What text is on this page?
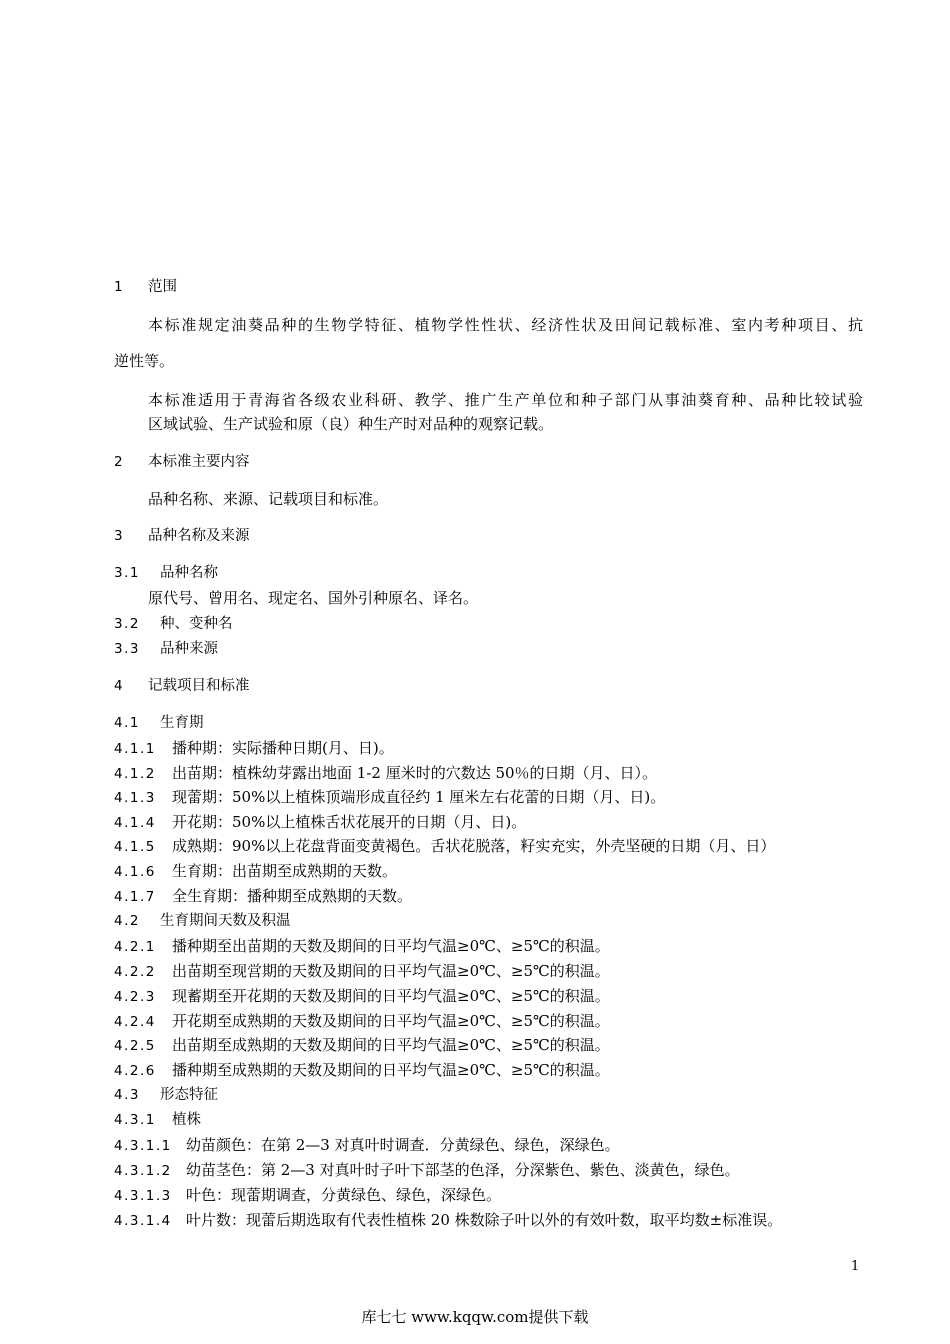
1 范围
本标准规定油葵品种的生物学特征、植物学性性状、经济性状及田间记载标准、室内考种项目、抗
逆性等。
本标准适用于青海省各级农业科研、教学、推广生产单位和种子部门从事油葵育种、品种比较试验
区域试验、生产试验和原（良）种生产时对品种的观察记载。
2 本标准主要内容
品种名称、来源、记载项目和标准。
3 品种名称及来源
3.1 品种名称
原代号、曾用名、现定名、国外引种原名、译名。
3.2 种、变种名
3.3 品种来源
4 记载项目和标准
4.1 生育期
4.1.1 播种期：实际播种日期(月、日)。
4.1.2 出苗期：植株幼芽露出地面 1-2 厘米时的穴数达 50％的日期（月、日）。
4.1.3 现蕾期：50%以上植株顶端形成直径约 1 厘米左右花蕾的日期（月、日)。
4.1.4 开花期：50%以上植株舌状花展开的日期（月、日)。
4.1.5 成熟期：90%以上花盘背面变黄褐色。舌状花脱落，籽实充实，外壳坚硬的日期（月、日）
4.1.6 生育期：出苗期至成熟期的天数。
4.1.7 全生育期：播种期至成熟期的天数。
4.2 生育期间天数及积温
4.2.1 播种期至出苗期的天数及期间的日平均气温≥0℃、≥5℃的积温。
4.2.2 出苗期至现営期的天数及期间的日平均气温≥0℃、≥5℃的积温。
4.2.3 现蓄期至开花期的天数及期间的日平均气温≥0℃、≥5℃的积温。
4.2.4 开花期至成熟期的天数及期间的日平均气温≥0℃、≥5℃的积温。
4.2.5 出苗期至成熟期的天数及期间的日平均气温≥0℃、≥5℃的积温。
4.2.6 播种期至成熟期的天数及期间的日平均气温≥0℃、≥5℃的积温。
4.3 形态特征
4.3.1 植株
4.3.1.1 幼苗颜色：在第 2—3 对真叶时调查．分黄绿色、绿色，深绿色。
4.3.1.2 幼苗茎色：第 2—3 对真叶时子叶下部茎的色泽，分深紫色、紫色、淡黄色，绿色。
4.3.1.3 叶色：现蕾期调查，分黄绿色、绿色，深绿色。
4.3.1.4 叶片数：现蕾后期选取有代表性植株 20 株数除子叶以外的有效叶数，取平均数±标准误。
1
库七七 www.kqqw.com提供下载
